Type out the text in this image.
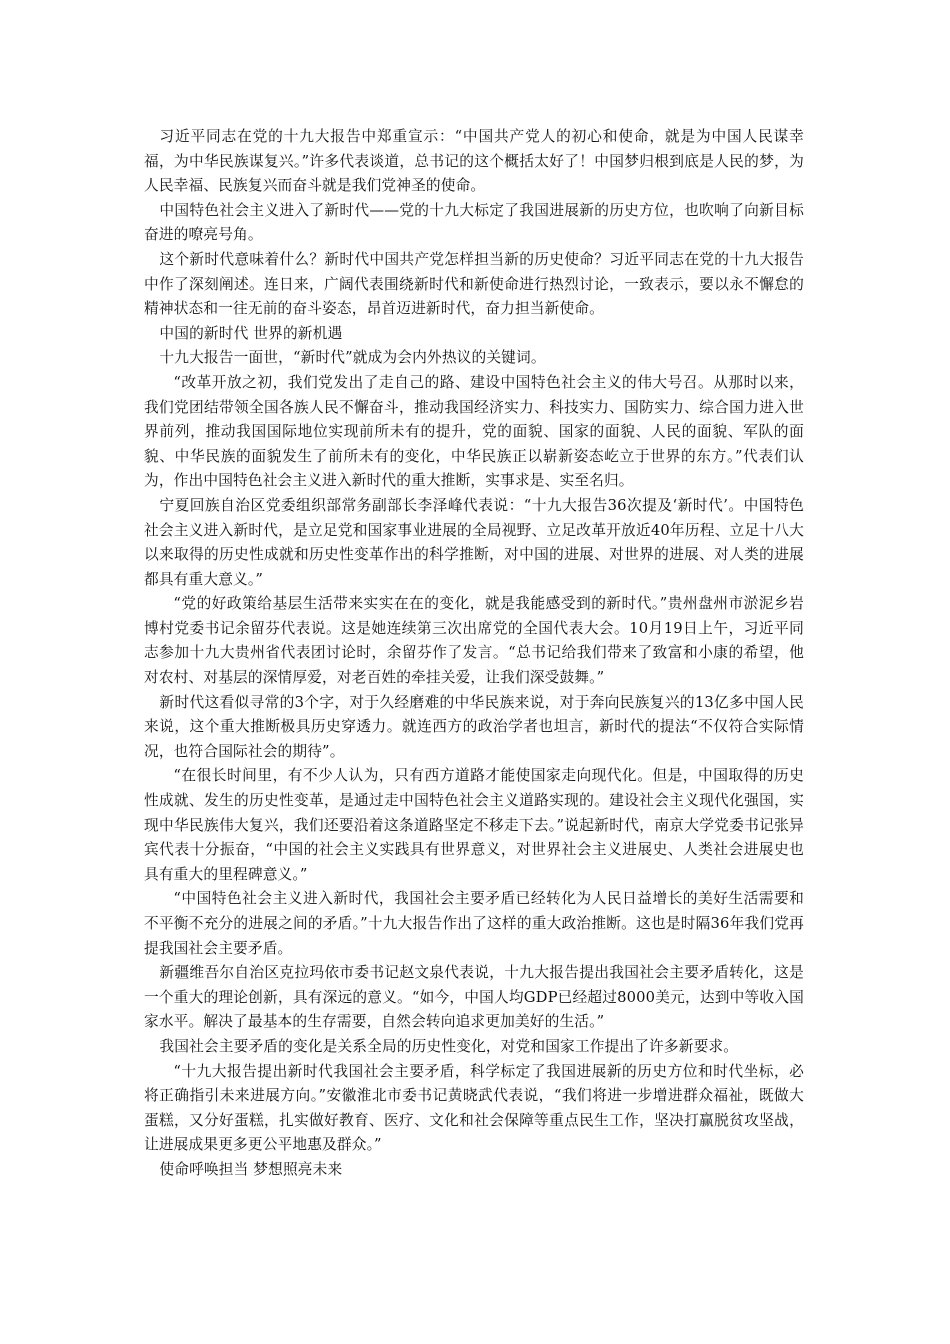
习近平同志在党的十九大报告中郑重宣示：“中国共产党人的初心和使命，就是为中国人民谋幸福，为中华民族谋复兴。”许多代表谈道，总书记的这个概括太好了！中国梦归根到底是人民的梦，为人民幸福、民族复兴而奋斗就是我们党神圣的使命。

中国特色社会主义进入了新时代——党的十九大标定了我国进展新的历史方位，也吹响了向新目标奋进的嘹亮号角。

这个新时代意味着什么？新时代中国共产党怎样担当新的历史使命？习近平同志在党的十九大报告中作了深刻阐述。连日来，广阔代表围绕新时代和新使命进行热烈讨论，一致表示，要以永不懈怠的精神状态和一往无前的奋斗姿态，昂首迈进新时代，奋力担当新使命。

中国的新时代 世界的新机遇

十九大报告一面世，“新时代”就成为会内外热议的关键词。

“改革开放之初，我们党发出了走自己的路、建设中国特色社会主义的伟大号召。从那时以来，我们党团结带领全国各族人民不懈奋斗，推动我国经济实力、科技实力、国防实力、综合国力进入世界前列，推动我国国际地位实现前所未有的提升，党的面貌、国家的面貌、人民的面貌、军队的面貌、中华民族的面貌发生了前所未有的变化，中华民族正以崭新姿态屹立于世界的东方。”代表们认为，作出中国特色社会主义进入新时代的重大推断，实事求是、实至名归。

宁夏回族自治区党委组织部常务副部长李泽峰代表说：“十九大报告36次提及‘新时代’。中国特色社会主义进入新时代，是立足党和国家事业进展的全局视野、立足改革开放近40年历程、立足十八大以来取得的历史性成就和历史性变革作出的科学推断，对中国的进展、对世界的进展、对人类的进展都具有重大意义。”

“党的好政策给基层生活带来实实在在的变化，就是我能感受到的新时代。”贵州盘州市淤泥乡岩博村党委书记余留芬代表说。这是她连续第三次出席党的全国代表大会。10月19日上午，习近平同志参加十九大贵州省代表团讨论时，余留芬作了发言。“总书记给我们带来了致富和小康的希望，他对农村、对基层的深情厚爱，对老百姓的牵挂关爱，让我们深受鼓舞。”

新时代这看似寻常的3个字，对于久经磨难的中华民族来说，对于奔向民族复兴的13亿多中国人民来说，这个重大推断极具历史穿透力。就连西方的政治学者也坦言，新时代的提法“不仅符合实际情况，也符合国际社会的期待”。

“在很长时间里，有不少人认为，只有西方道路才能使国家走向现代化。但是，中国取得的历史性成就、发生的历史性变革，是通过走中国特色社会主义道路实现的。建设社会主义现代化强国，实现中华民族伟大复兴，我们还要沿着这条道路坚定不移走下去。”说起新时代，南京大学党委书记张异宾代表十分振奋，“中国的社会主义实践具有世界意义，对世界社会主义进展史、人类社会进展史也具有重大的里程碑意义。”

“中国特色社会主义进入新时代，我国社会主要矛盾已经转化为人民日益增长的美好生活需要和不平衡不充分的进展之间的矛盾。”十九大报告作出了这样的重大政治推断。这也是时隔36年我们党再提我国社会主要矛盾。

新疆维吾尔自治区克拉玛依市委书记赵文泉代表说，十九大报告提出我国社会主要矛盾转化，这是一个重大的理论创新，具有深远的意义。“如今，中国人均GDP已经超过8000美元，达到中等收入国家水平。解决了最基本的生存需要，自然会转向追求更加美好的生活。”

我国社会主要矛盾的变化是关系全局的历史性变化，对党和国家工作提出了许多新要求。

“十九大报告提出新时代我国社会主要矛盾，科学标定了我国进展新的历史方位和时代坐标，必将正确指引未来进展方向。”安徽淮北市委书记黄晓武代表说，“我们将进一步增进群众福祉，既做大蛋糕，又分好蛋糕，扎实做好教育、医疗、文化和社会保障等重点民生工作，坚决打赢脱贫攻坚战，让进展成果更多更公平地惠及群众。”

使命呼唤担当 梦想照亮未来
